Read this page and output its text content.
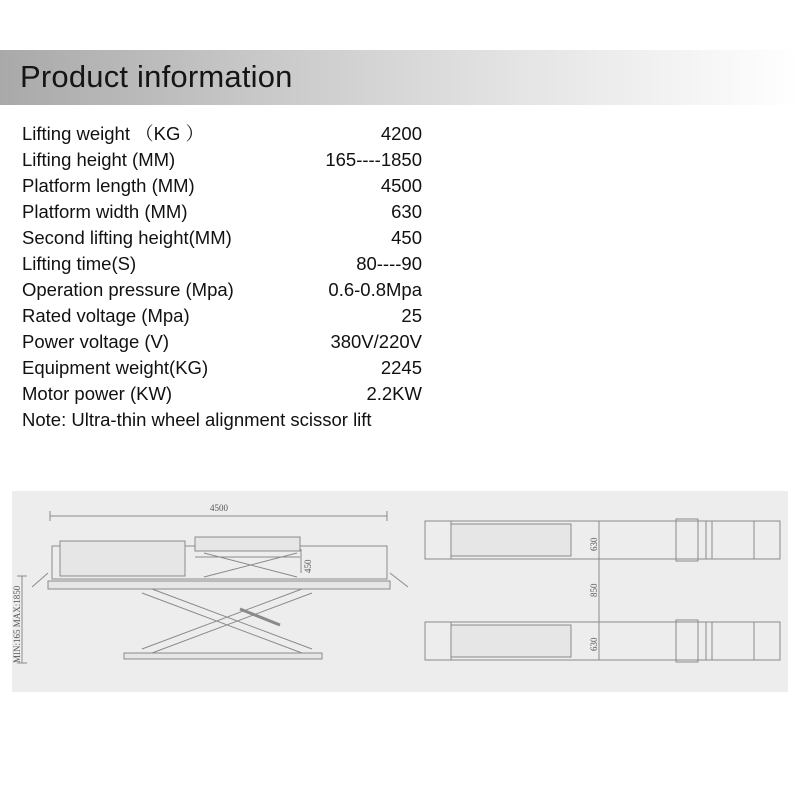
Product information
Lifting weight （KG ）	4200
Lifting height (MM)	165----1850
Platform length (MM)	4500
Platform width (MM)	630
Second lifting height(MM)	450
Lifting time(S)	80----90
Operation pressure (Mpa)	0.6-0.8Mpa
Rated voltage (Mpa)	25
Power voltage (V)	380V/220V
Equipment weight(KG)	2245
Motor power (KW)	2.2KW
Note: Ultra-thin wheel alignment scissor lift
4500
450
MIN:165 MAX:1850
630
850
630
